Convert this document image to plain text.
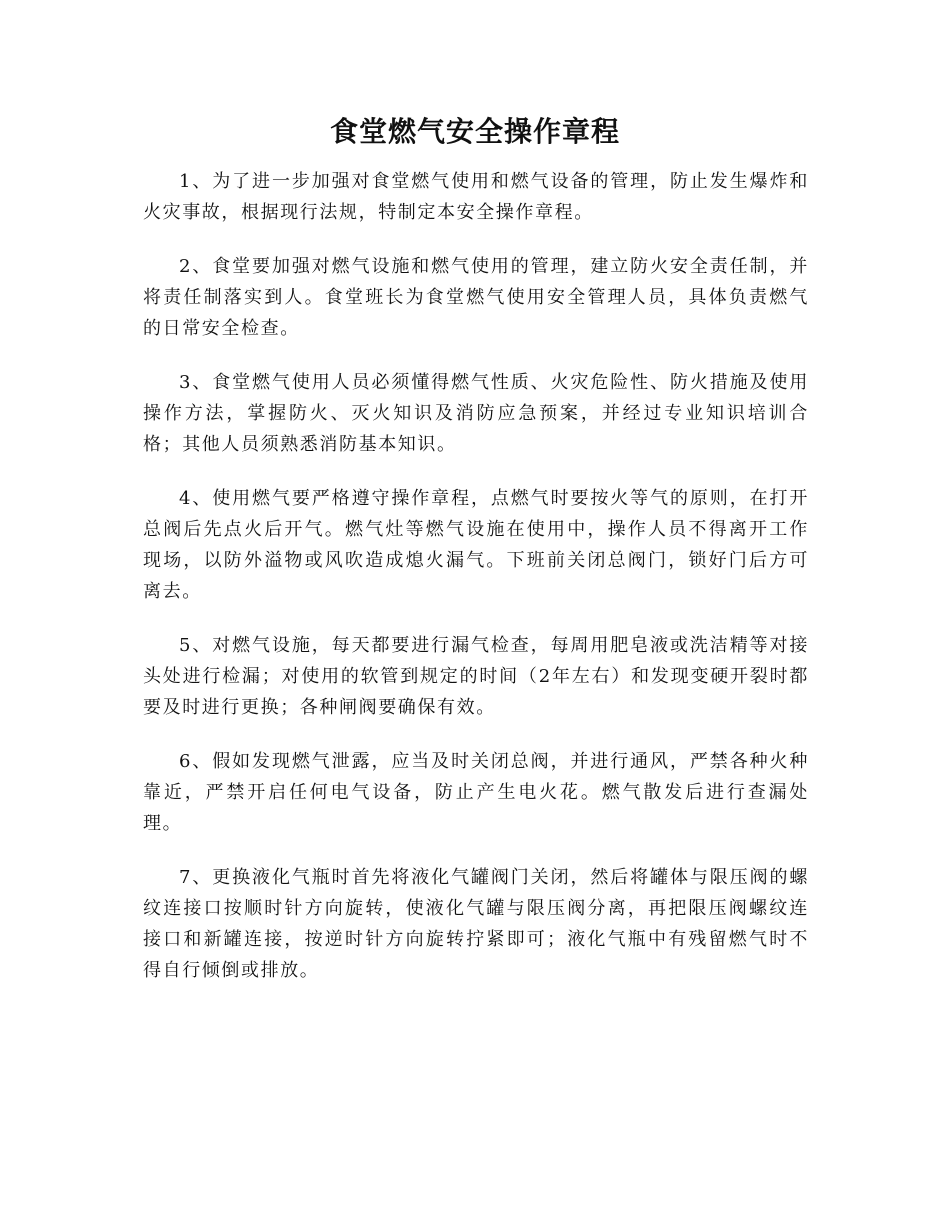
食堂燃气安全操作章程

1、为了进一步加强对食堂燃气使用和燃气设备的管理，防止发生爆炸和火灾事故，根据现行法规，特制定本安全操作章程。

2、食堂要加强对燃气设施和燃气使用的管理，建立防火安全责任制，并将责任制落实到人。食堂班长为食堂燃气使用安全管理人员，具体负责燃气的日常安全检查。

3、食堂燃气使用人员必须懂得燃气性质、火灾危险性、防火措施及使用操作方法，掌握防火、灭火知识及消防应急预案，并经过专业知识培训合格；其他人员须熟悉消防基本知识。

4、使用燃气要严格遵守操作章程，点燃气时要按火等气的原则，在打开总阀后先点火后开气。燃气灶等燃气设施在使用中，操作人员不得离开工作现场，以防外溢物或风吹造成熄火漏气。下班前关闭总阀门，锁好门后方可离去。

5、对燃气设施，每天都要进行漏气检查，每周用肥皂液或洗洁精等对接头处进行检漏；对使用的软管到规定的时间（2年左右）和发现变硬开裂时都要及时进行更换；各种闸阀要确保有效。

6、假如发现燃气泄露，应当及时关闭总阀，并进行通风，严禁各种火种靠近，严禁开启任何电气设备，防止产生电火花。燃气散发后进行查漏处理。

7、更换液化气瓶时首先将液化气罐阀门关闭，然后将罐体与限压阀的螺纹连接口按顺时针方向旋转，使液化气罐与限压阀分离，再把限压阀螺纹连接口和新罐连接，按逆时针方向旋转拧紧即可；液化气瓶中有残留燃气时不得自行倾倒或排放。
